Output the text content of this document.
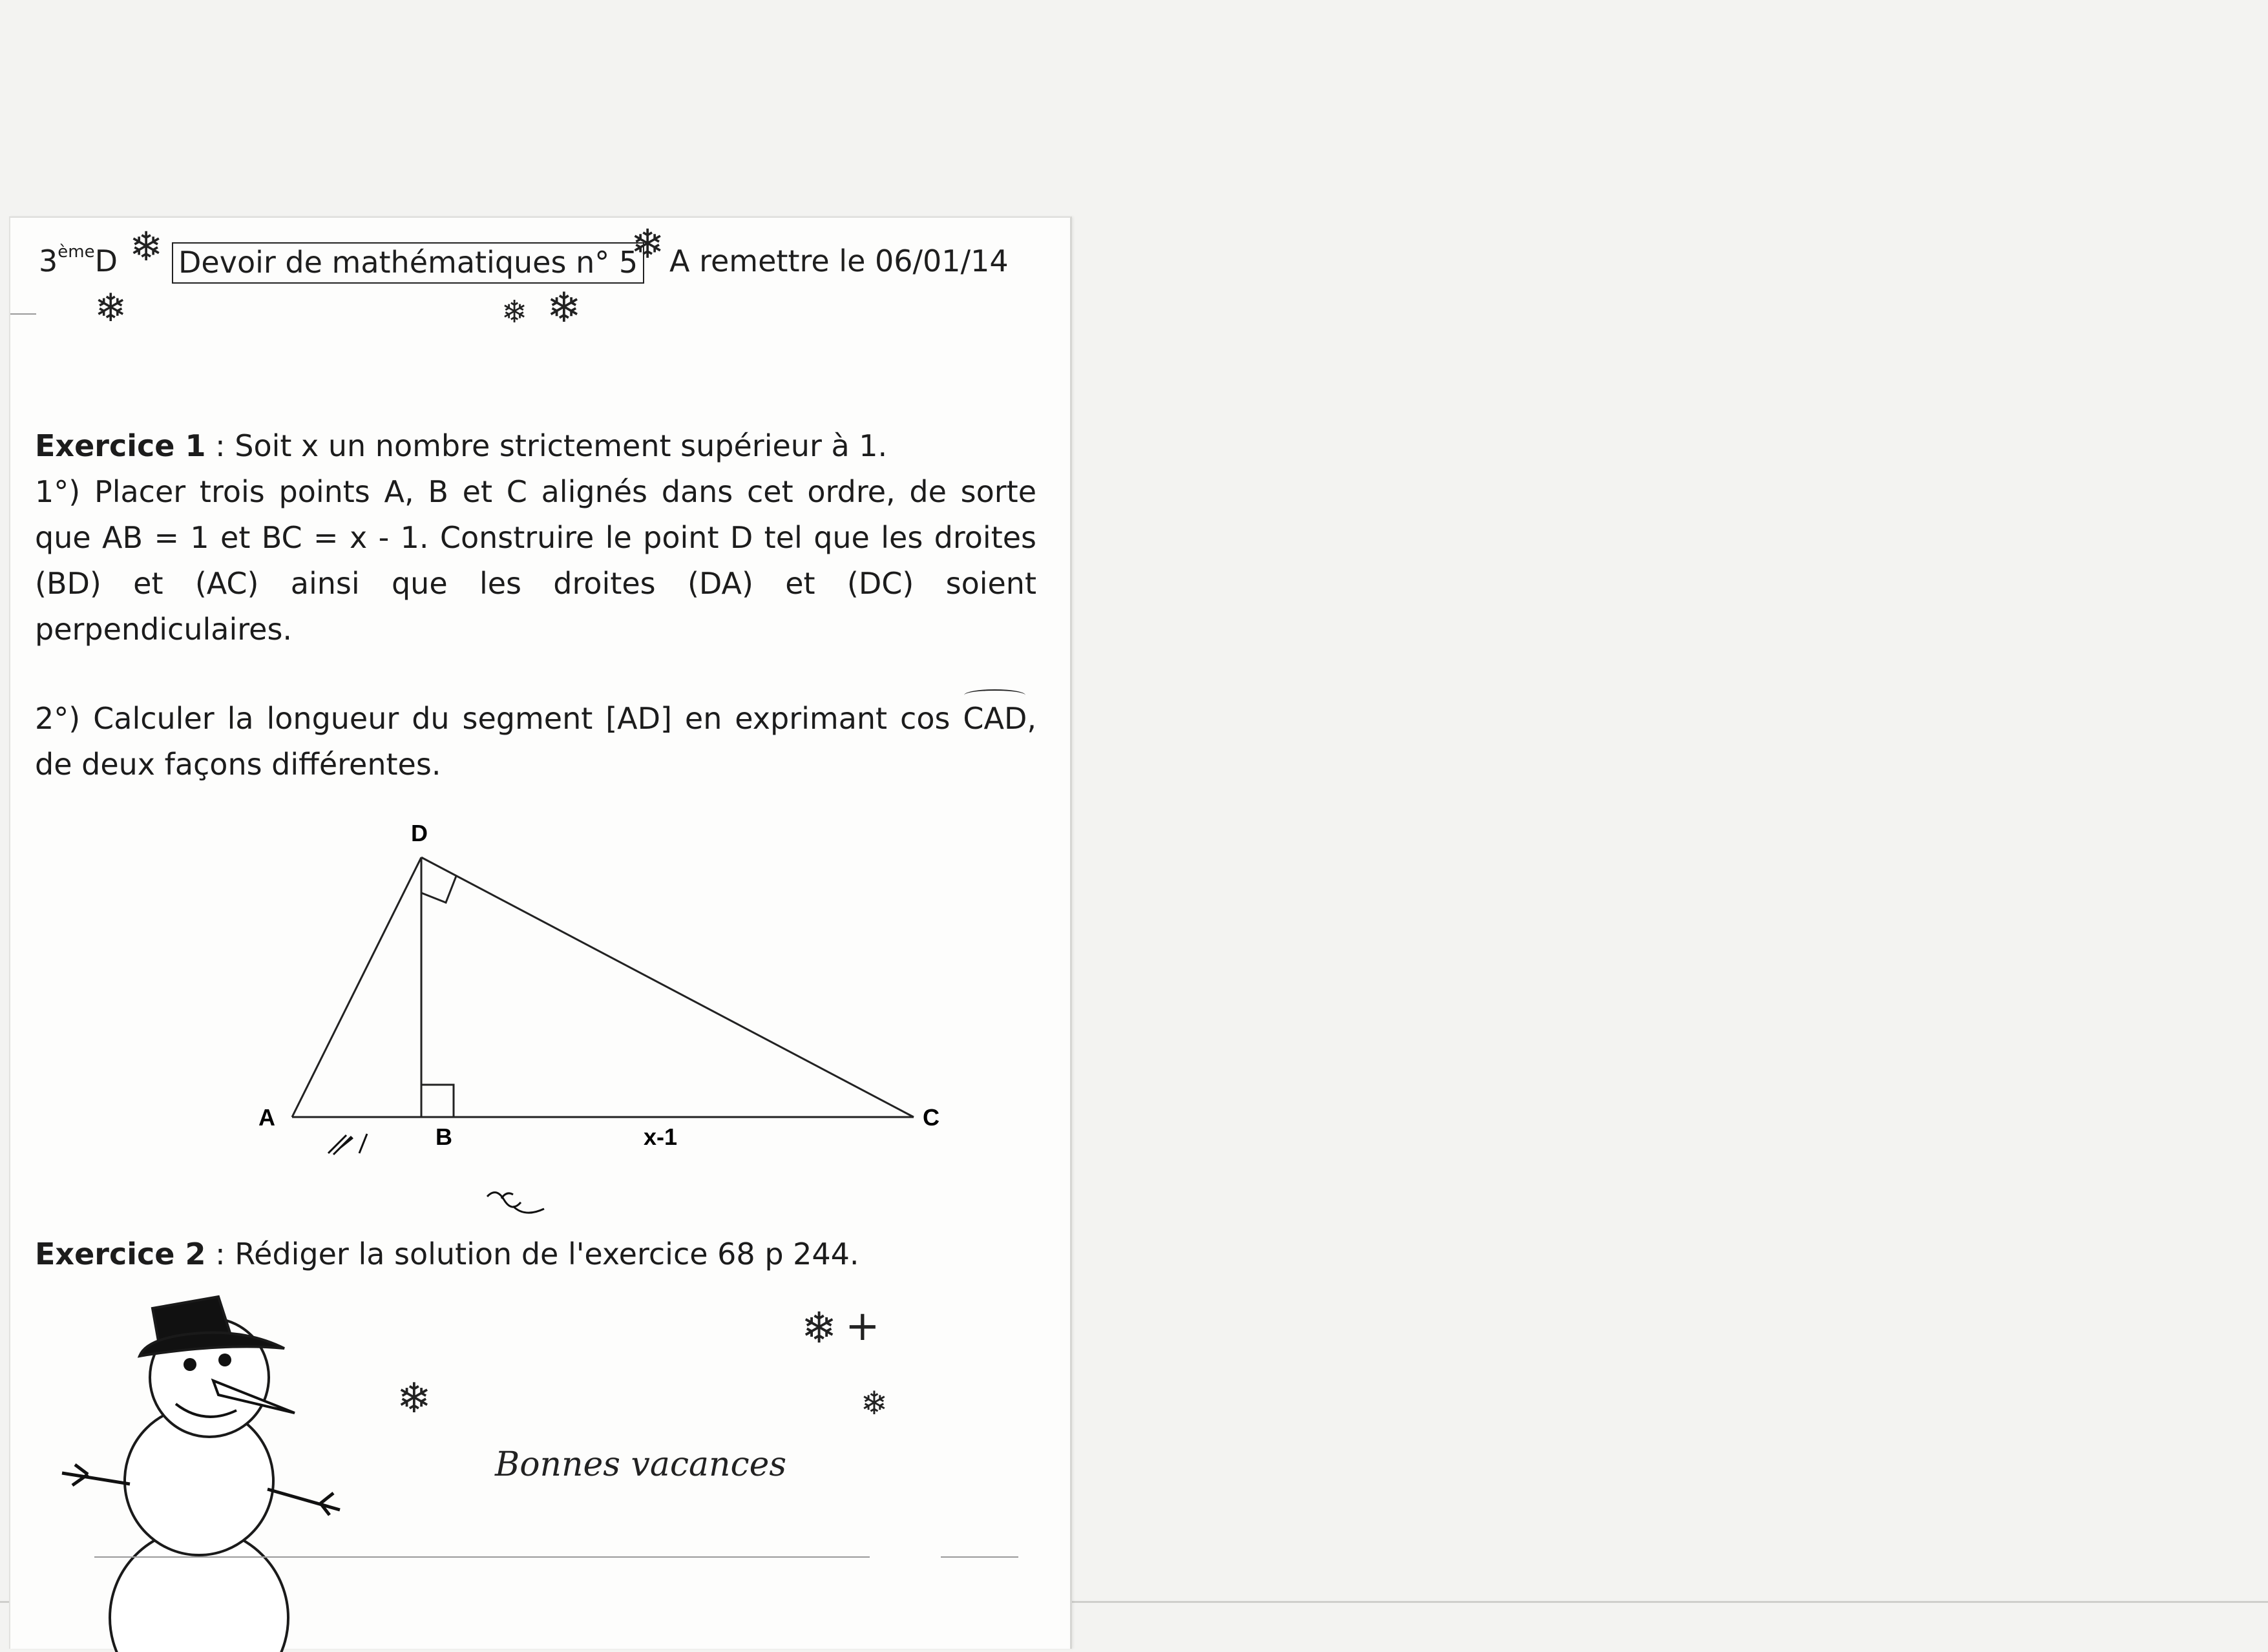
3èmeD ❄ Devoir de mathématiques n° 5
❄ A remettre le 06/01/14
❄	❄ ❄
Exercice 1 : Soit x un nombre strictement supérieur à 1.
1°) Placer trois points A, B et C alignés dans cet ordre, de sorte que AB = 1 et BC = x - 1. Construire le point D tel que les droites (BD) et (AC) ainsi que les droites (DA) et (DC) soient perpendiculaires.
2°) Calculer la longueur du segment [AD] en exprimant cos CAD, de deux façons différentes.
D
A
B
C
x-1
Exercice 2 : Rédiger la solution de l'exercice 68 p 244.
❄
❄ +
❄
Bonnes vacances
